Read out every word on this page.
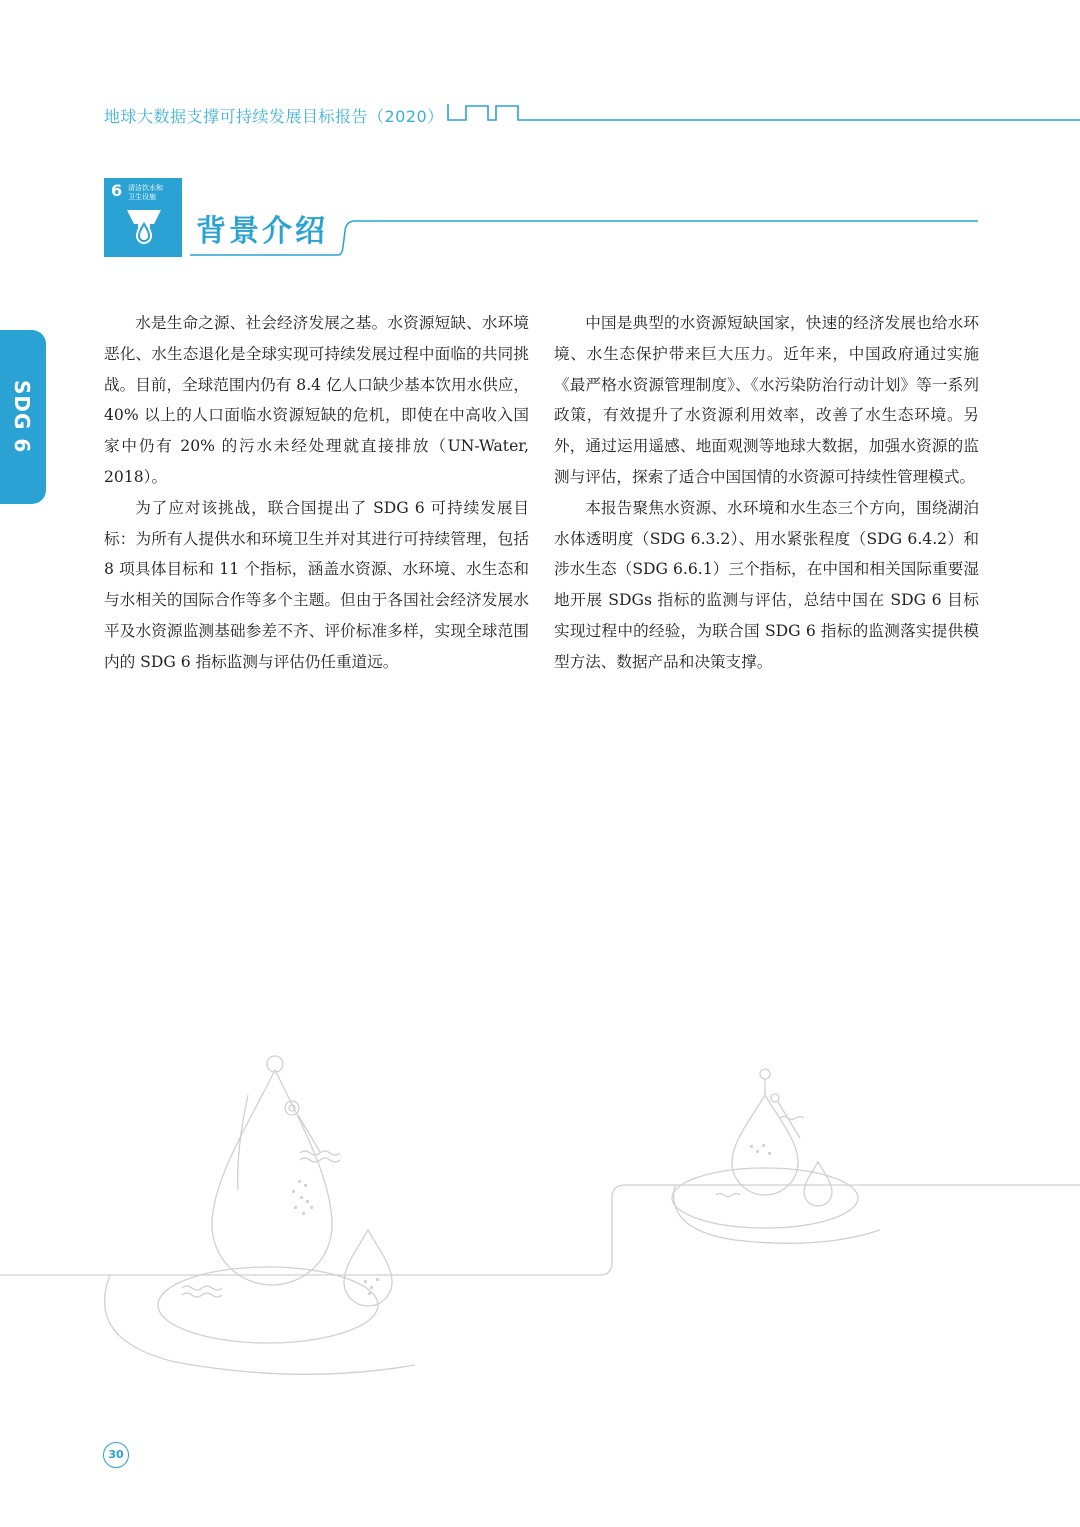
地球大数据支撑可持续发展目标报告（2020）
6 清洁饮水和
卫生设施
背景介绍
SDG 6

水是生命之源、社会经济发展之基。水资源短缺、水环境恶化、水生态退化是全球实现可持续发展过程中面临的共同挑战。目前，全球范围内仍有 8.4 亿人口缺少基本饮用水供应，40% 以上的人口面临水资源短缺的危机，即使在中高收入国家中仍有 20% 的污水未经处理就直接排放（UN-Water, 2018）。

为了应对该挑战，联合国提出了 SDG 6 可持续发展目标：为所有人提供水和环境卫生并对其进行可持续管理，包括 8 项具体目标和 11 个指标，涵盖水资源、水环境、水生态和与水相关的国际合作等多个主题。但由于各国社会经济发展水平及水资源监测基础参差不齐、评价标准多样，实现全球范围内的 SDG 6 指标监测与评估仍任重道远。

中国是典型的水资源短缺国家，快速的经济发展也给水环境、水生态保护带来巨大压力。近年来，中国政府通过实施《最严格水资源管理制度》、《水污染防治行动计划》等一系列政策，有效提升了水资源利用效率，改善了水生态环境。另外，通过运用遥感、地面观测等地球大数据，加强水资源的监测与评估，探索了适合中国国情的水资源可持续性管理模式。

本报告聚焦水资源、水环境和水生态三个方向，围绕湖泊水体透明度（SDG 6.3.2）、用水紧张程度（SDG 6.4.2）和涉水生态（SDG 6.6.1）三个指标，在中国和相关国际重要湿地开展 SDGs 指标的监测与评估，总结中国在 SDG 6 目标实现过程中的经验，为联合国 SDG 6 指标的监测落实提供模型方法、数据产品和决策支撑。

30
